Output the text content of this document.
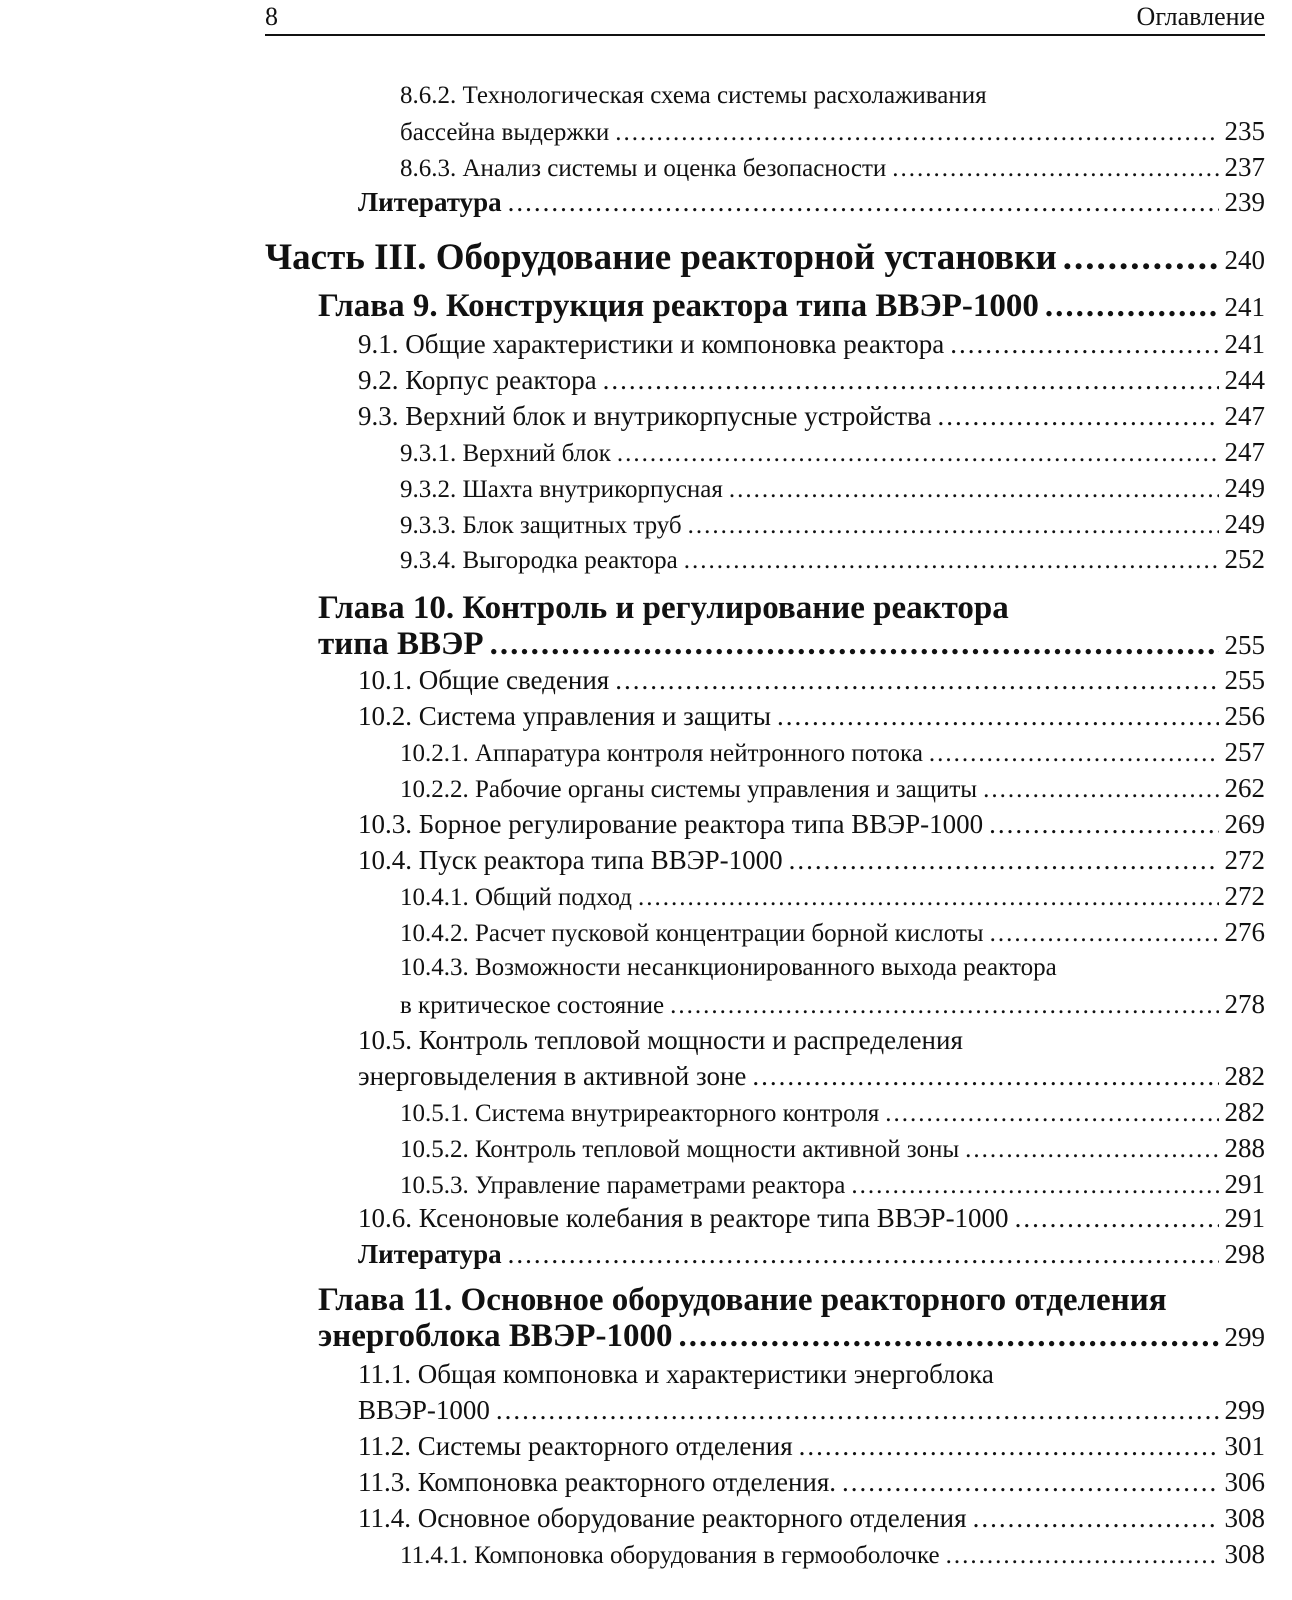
8	Оглавление
8.6.2. Технологическая схема системы расхолаживания
бассейна выдержки .....	235
8.6.3. Анализ системы и оценка безопасности .....	237
Литература .....	239
Часть III. Оборудование реакторной установки .....	240
Глава 9. Конструкция реактора типа ВВЭР-1000 .....	241
9.1. Общие характеристики и компоновка реактора .....	241
9.2. Корпус реактора .....	244
9.3. Верхний блок и внутрикорпусные устройства .....	247
9.3.1. Верхний блок .....	247
9.3.2. Шахта внутрикорпусная .....	249
9.3.3. Блок защитных труб .....	249
9.3.4. Выгородка реактора .....	252
Глава 10. Контроль и регулирование реактора
типа ВВЭР .....	255
10.1. Общие сведения .....	255
10.2. Система управления и защиты .....	256
10.2.1. Аппаратура контроля нейтронного потока .....	257
10.2.2. Рабочие органы системы управления и защиты .....	262
10.3. Борное регулирование реактора типа ВВЭР-1000 .....	269
10.4. Пуск реактора типа ВВЭР-1000 .....	272
10.4.1. Общий подход .....	272
10.4.2. Расчет пусковой концентрации борной кислоты .....	276
10.4.3. Возможности несанкционированного выхода реактора
в критическое состояние .....	278
10.5. Контроль тепловой мощности и распределения
энерговыделения в активной зоне .....	282
10.5.1. Система внутриреакторного контроля .....	282
10.5.2. Контроль тепловой мощности активной зоны .....	288
10.5.3. Управление параметрами реактора .....	291
10.6. Ксеноновые колебания в реакторе типа ВВЭР-1000 .....	291
Литература .....	298
Глава 11. Основное оборудование реакторного отделения
энергоблока ВВЭР-1000 .....	299
11.1. Общая компоновка и характеристики энергоблока
ВВЭР-1000 .....	299
11.2. Системы реакторного отделения .....	301
11.3. Компоновка реакторного отделения. .....	306
11.4. Основное оборудование реакторного отделения .....	308
11.4.1. Компоновка оборудования в гермооболочке .....	308
